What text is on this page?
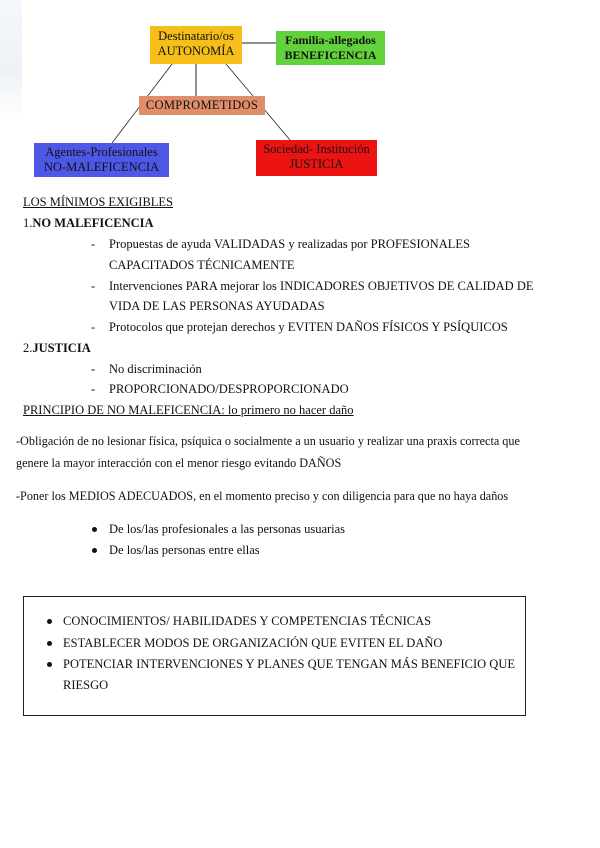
Destinatario/os
AUTONOMÍA
Familia-allegados
BENEFICENCIA
COMPROMETIDOS
Agentes-Profesionales
NO-MALEFICENCIA
Sociedad- Institución
JUSTICIA
LOS MÍNIMOS EXIGIBLES
1.NO MALEFICENCIA
- Propuestas de ayuda VALIDADAS y realizadas por PROFESIONALES
CAPACITADOS TÉCNICAMENTE
- Intervenciones PARA mejorar los INDICADORES OBJETIVOS DE CALIDAD DE
VIDA DE LAS PERSONAS AYUDADAS
- Protocolos que protejan derechos y EVITEN DAÑOS FÍSICOS Y PSÍQUICOS
2.JUSTICIA
- No discriminación
- PROPORCIONADO/DESPROPORCIONADO
PRINCIPIO DE NO MALEFICENCIA: lo primero no hacer daño
-Obligación de no lesionar física, psíquica o socialmente a un usuario y realizar una praxis correcta que
genere la mayor interacción con el menor riesgo evitando DAÑOS
-Poner los MEDIOS ADECUADOS, en el momento preciso y con diligencia para que no haya daños
De los/las profesionales a las personas usuarias
De los/las personas entre ellas
CONOCIMIENTOS/ HABILIDADES Y COMPETENCIAS TÉCNICAS
ESTABLECER MODOS DE ORGANIZACIÓN QUE EVITEN EL DAÑO
POTENCIAR INTERVENCIONES Y PLANES QUE TENGAN MÁS BENEFICIO QUE
RIESGO
